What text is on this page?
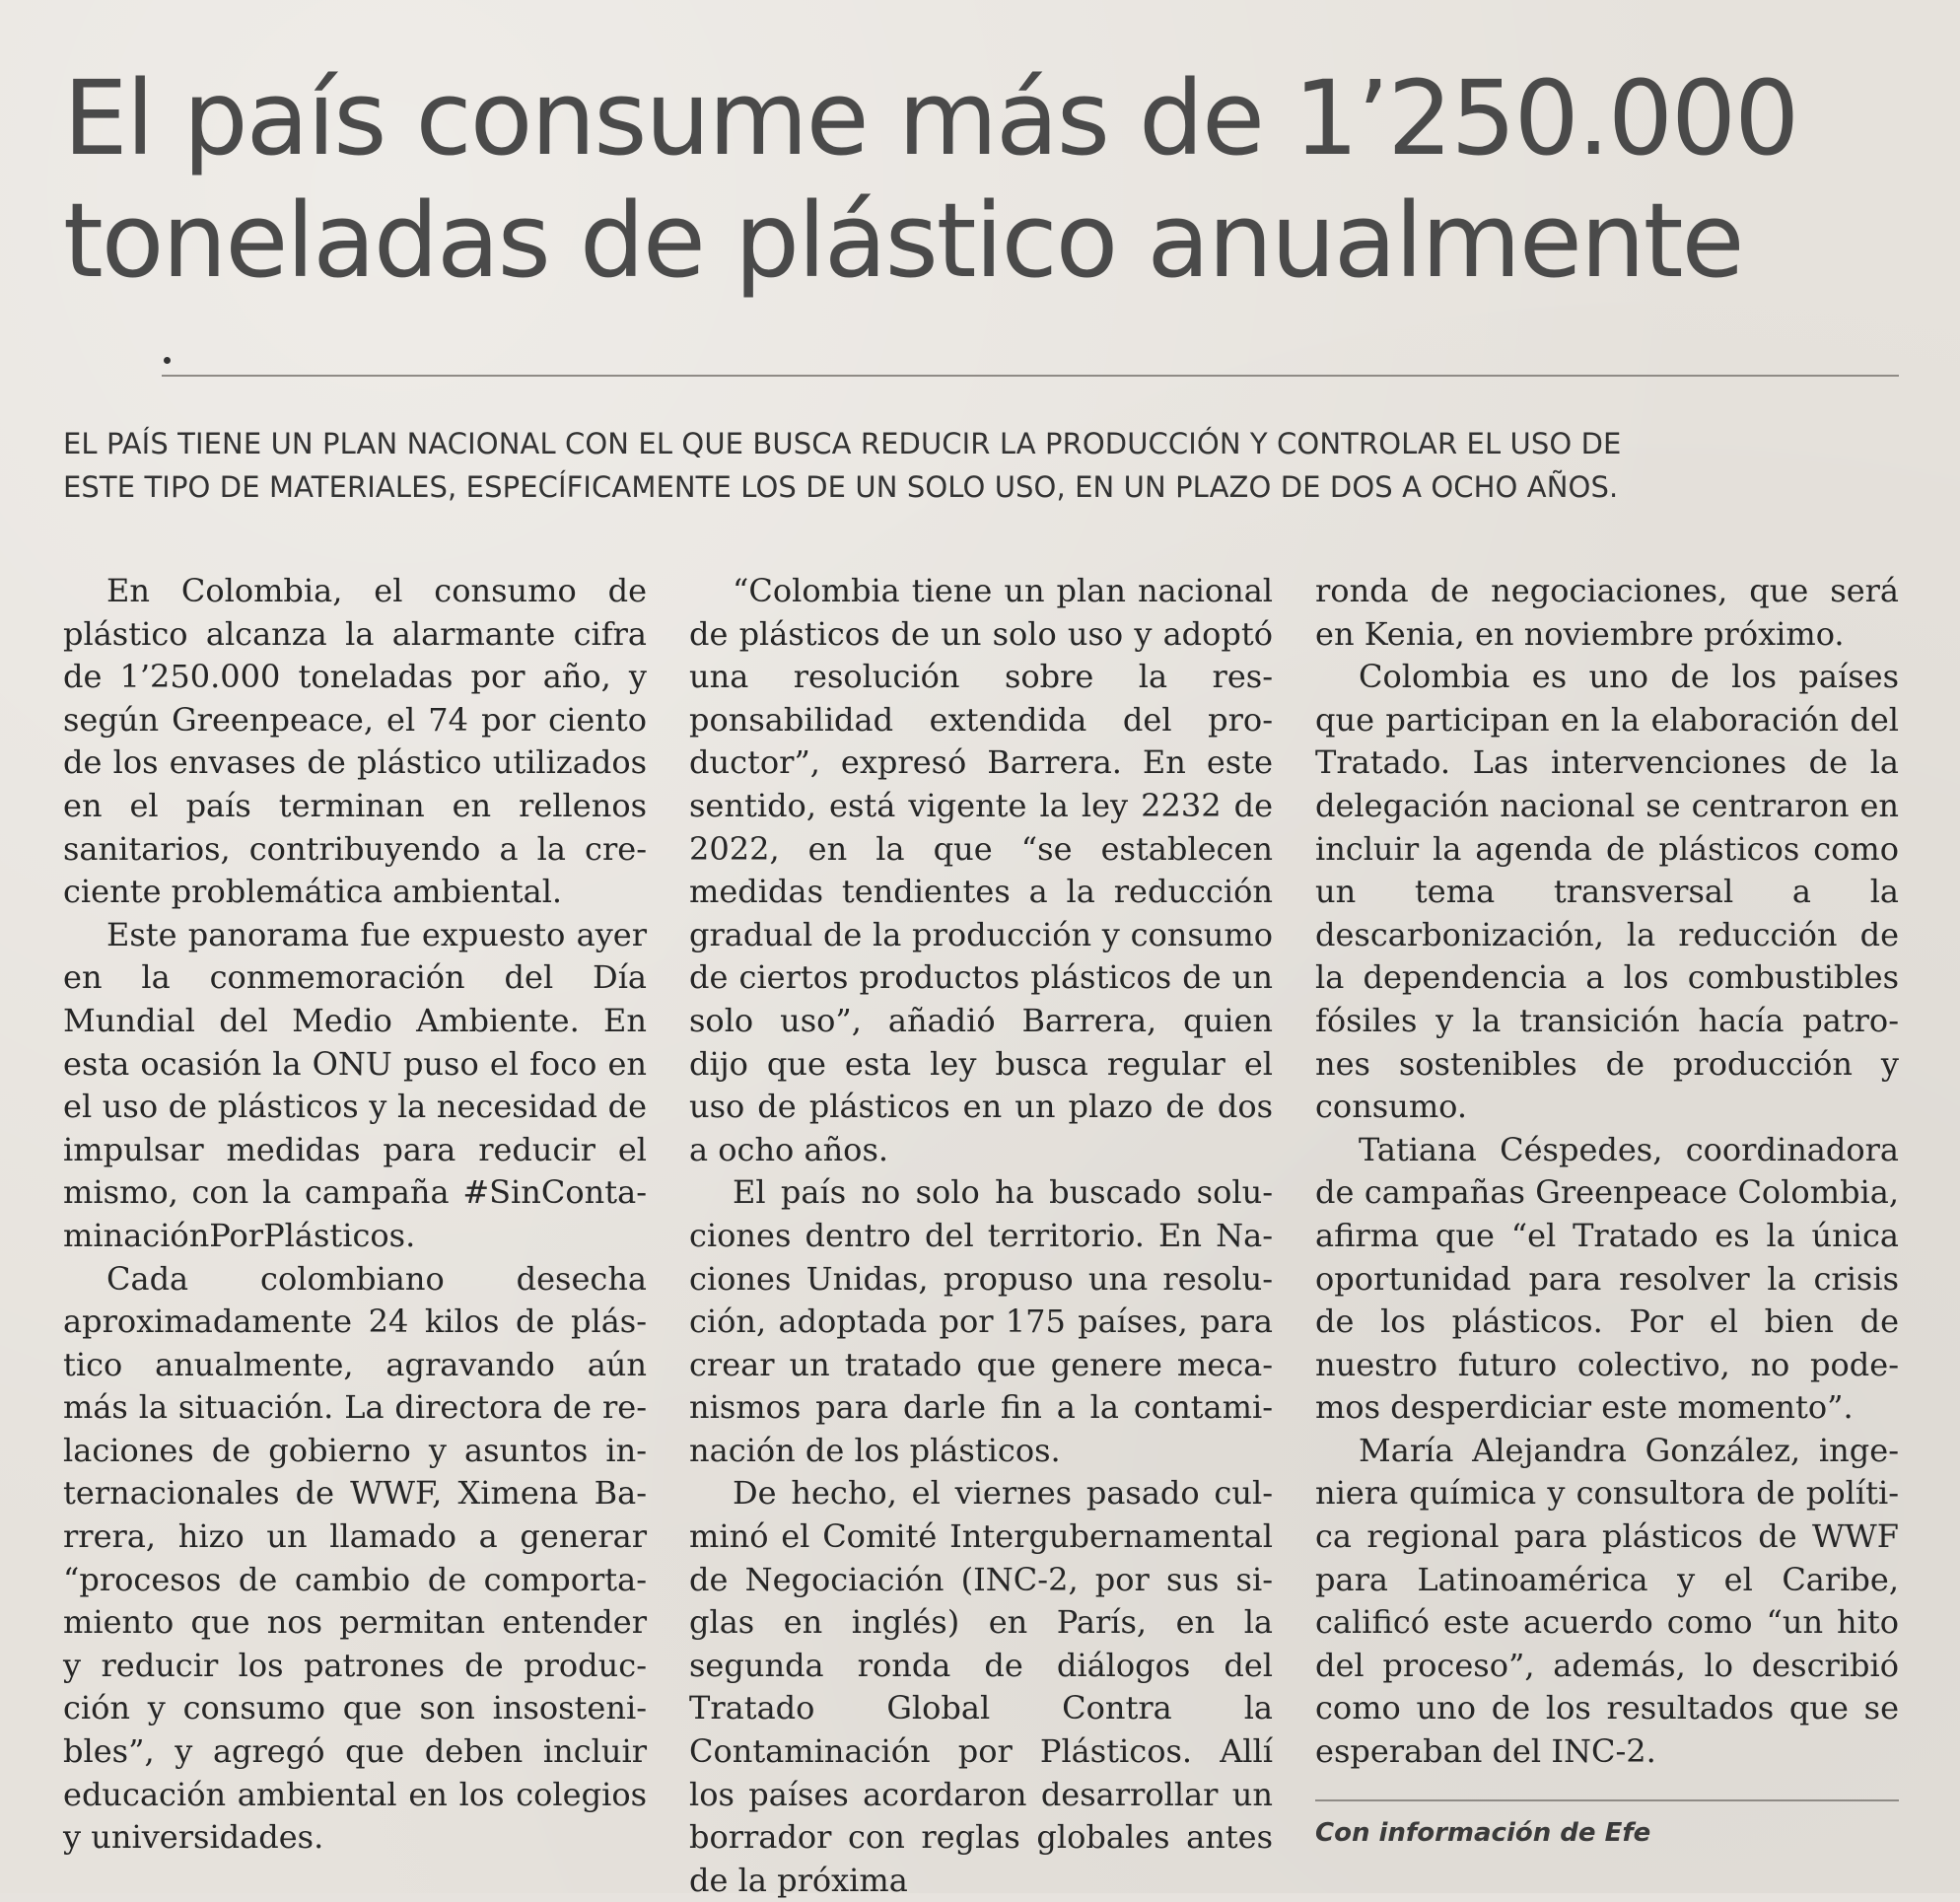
El país consume más de 1’250.000
toneladas de plástico anualmente

EL PAÍS TIENE UN PLAN NACIONAL CON EL QUE BUSCA REDUCIR LA PRODUCCIÓN Y CONTROLAR EL USO DE
ESTE TIPO DE MATERIALES, ESPECÍFICAMENTE LOS DE UN SOLO USO, EN UN PLAZO DE DOS A OCHO AÑOS.

En Colombia, el consumo de plástico alcanza la alarmante cifra de 1’250.000 toneladas por año, y según Greenpeace, el 74 por ciento de los envases de plástico utilizados en el país terminan en rellenos sanitarios, contribuyendo a la creciente problemática ambiental.

Este panorama fue expuesto ayer en la conmemoración del Día Mundial del Medio Ambiente. En esta ocasión la ONU puso el foco en el uso de plásticos y la necesidad de impulsar medidas para reducir el mismo, con la campaña #SinContaminaciónPorPlásticos.

Cada colombiano desecha aproximadamente 24 kilos de plástico anualmente, agravando aún más la situación. La directora de relaciones de gobierno y asuntos internacionales de WWF, Ximena Barrera, hizo un llamado a generar “procesos de cambio de comportamiento que nos permitan entender y reducir los patrones de producción y consumo que son insostenibles”, y agregó que deben incluir educación ambiental en los colegios y universidades.

“Colombia tiene un plan nacional de plásticos de un solo uso y adoptó una resolución sobre la responsabilidad extendida del productor”, expresó Barrera. En este sentido, está vigente la ley 2232 de 2022, en la que “se establecen medidas tendientes a la reducción gradual de la producción y consumo de ciertos productos plásticos de un solo uso”, añadió Barrera, quien dijo que esta ley busca regular el uso de plásticos en un plazo de dos a ocho años.

El país no solo ha buscado soluciones dentro del territorio. En Naciones Unidas, propuso una resolución, adoptada por 175 países, para crear un tratado que genere mecanismos para darle fin a la contaminación de los plásticos.

De hecho, el viernes pasado culminó el Comité Intergubernamental de Negociación (INC-2, por sus siglas en inglés) en París, en la segunda ronda de diálogos del Tratado Global Contra la Contaminación por Plásticos. Allí los países acordaron desarrollar un borrador con reglas globales antes de la próxima

ronda de negociaciones, que será en Kenia, en noviembre próximo.

Colombia es uno de los países que participan en la elaboración del Tratado. Las intervenciones de la delegación nacional se centraron en incluir la agenda de plásticos como un tema transversal a la descarbonización, la reducción de la dependencia a los combustibles fósiles y la transición hacía patrones sostenibles de producción y consumo.

Tatiana Céspedes, coordinadora de campañas Greenpeace Colombia, afirma que “el Tratado es la única oportunidad para resolver la crisis de los plásticos. Por el bien de nuestro futuro colectivo, no podemos desperdiciar este momento”.

María Alejandra González, ingeniera química y consultora de política regional para plásticos de WWF para Latinoamérica y el Caribe, calificó este acuerdo como “un hito del proceso”, además, lo describió como uno de los resultados que se esperaban del INC-2.

Con información de Efe
